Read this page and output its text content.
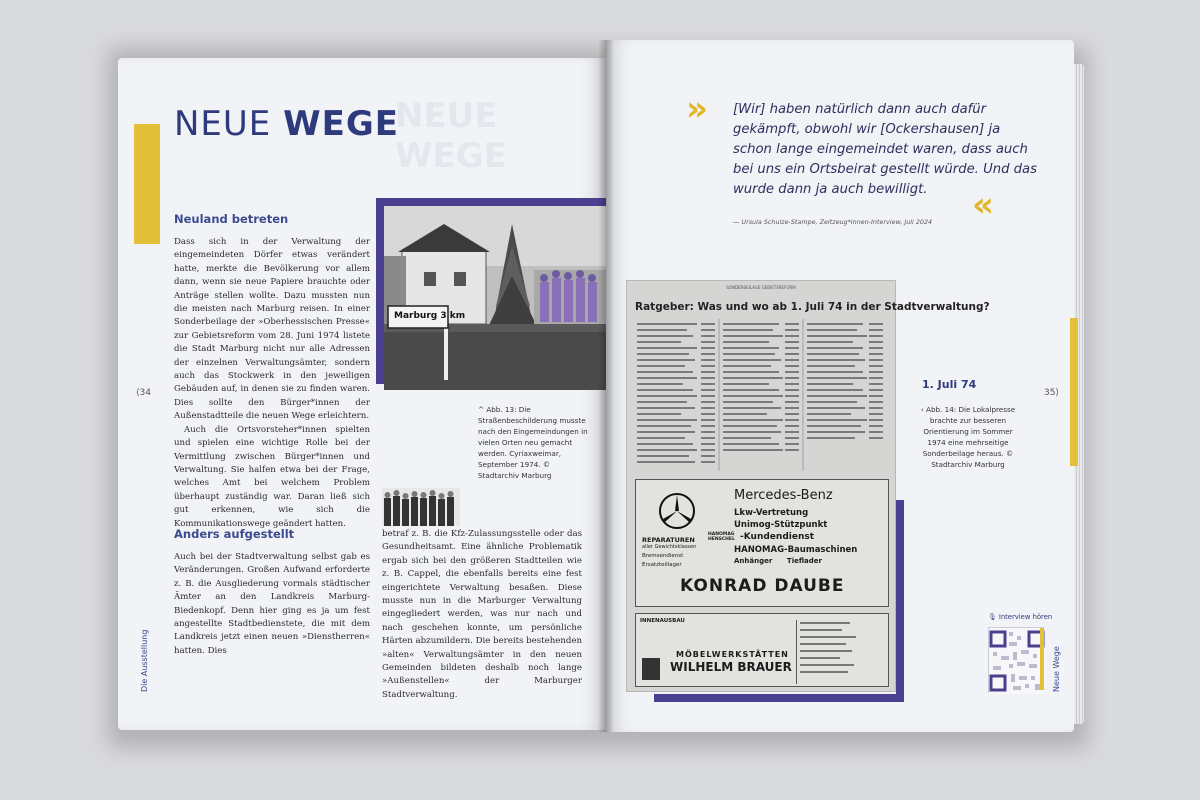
NEUE
WEGE
NEUE WEGE
Neuland betreten

Dass sich in der Verwaltung der eingemeindeten Dörfer etwas verändert hatte, merkte die Bevölkerung vor allem dann, wenn sie neue Papiere brauchte oder Anträge stellen wollte. Dazu mussten nun die meisten nach Marburg reisen. In einer Sonderbeilage der »Oberhessischen Presse« zur Gebietsreform vom 28. Juni 1974 listete die Stadt Marburg nicht nur alle Adressen der einzelnen Verwaltungsämter, sondern auch das Stockwerk in den jeweiligen Gebäuden auf, in denen sie zu finden waren. Dies sollte den Bürger*innen der Außenstadtteile die neuen Wege erleichtern.

Auch die Ortsvorsteher*innen spielten und spielen eine wichtige Rolle bei der Vermittlung zwischen Bürger*innen und Verwaltung. Sie halfen etwa bei der Frage, welches Amt bei welchem Problem überhaupt zuständig war. Daran ließ sich gut erkennen, wie sich die Kommunikationswege geändert hatten.

Anders aufgestellt

Auch bei der Stadtverwaltung selbst gab es Veränderungen. Großen Aufwand erforderte z. B. die Ausgliederung vormals städtischer Ämter an den Landkreis Marburg-Biedenkopf. Denn hier ging es ja um fest angestellte Stadtbedienstete, die mit dem Landkreis jetzt einen neuen »Dienstherren« hatten. Dies

betraf z. B. die Kfz-Zulassungsstelle oder das Gesundheitsamt. Eine ähnliche Problematik ergab sich bei den größeren Stadtteilen wie z. B. Cappel, die ebenfalls bereits eine fest eingerichtete Verwaltung besaßen. Diese musste nun in die Marburger Verwaltung eingegliedert werden, was nur nach und nach geschehen konnte, um persönliche Härten abzumildern. Die bereits bestehenden »alten« Verwaltungsämter in den neuen Gemeinden bildeten deshalb noch lange »Außenstellen« der Marburger Stadtverwaltung.

Marburg 3 km
^ Abb. 13: Die Straßenbeschilderung musste nach den Eingemeindungen in vielen Orten neu gemacht werden. Cyriaxweimar, September 1974. © Stadtarchiv Marburg
⟨34
Die Ausstellung
»
»
[Wir] haben natürlich dann auch dafür gekämpft, obwohl wir [Ockershausen] ja schon lange eingemeindet waren, dass auch bei uns ein Ortsbeirat gestellt würde. Und das wurde dann ja auch bewilligt.
— Ursula Schulze-Stampe, Zeitzeug*innen-Interview, Juli 2024
SONDERBEILAGE GEBIETSREFORM
Ratgeber: Was und wo ab 1. Juli 74 in der Stadtverwaltung?
REPARATUREN
aller Gewichtsklassen
Bremsendienst
Ersatzteillager
Mercedes-Benz
Lkw-Vertretung
Unimog-Stützpunkt
HANOMAG
HENSCHEL -Kundendienst
HANOMAG-Baumaschinen
Anhänger      Tieflader
KONRAD DAUBE
INNENAUSBAU
MÖBELWERKSTÄTTEN
WILHELM BRAUER
1. Juli 74
‹ Abb. 14: Die Lokalpresse brachte zur besseren Orientierung im Sommer 1974 eine mehrseitige Sonderbeilage heraus. © Stadtarchiv Marburg
35⟩
🎙 Interview hören
Neue Wege
